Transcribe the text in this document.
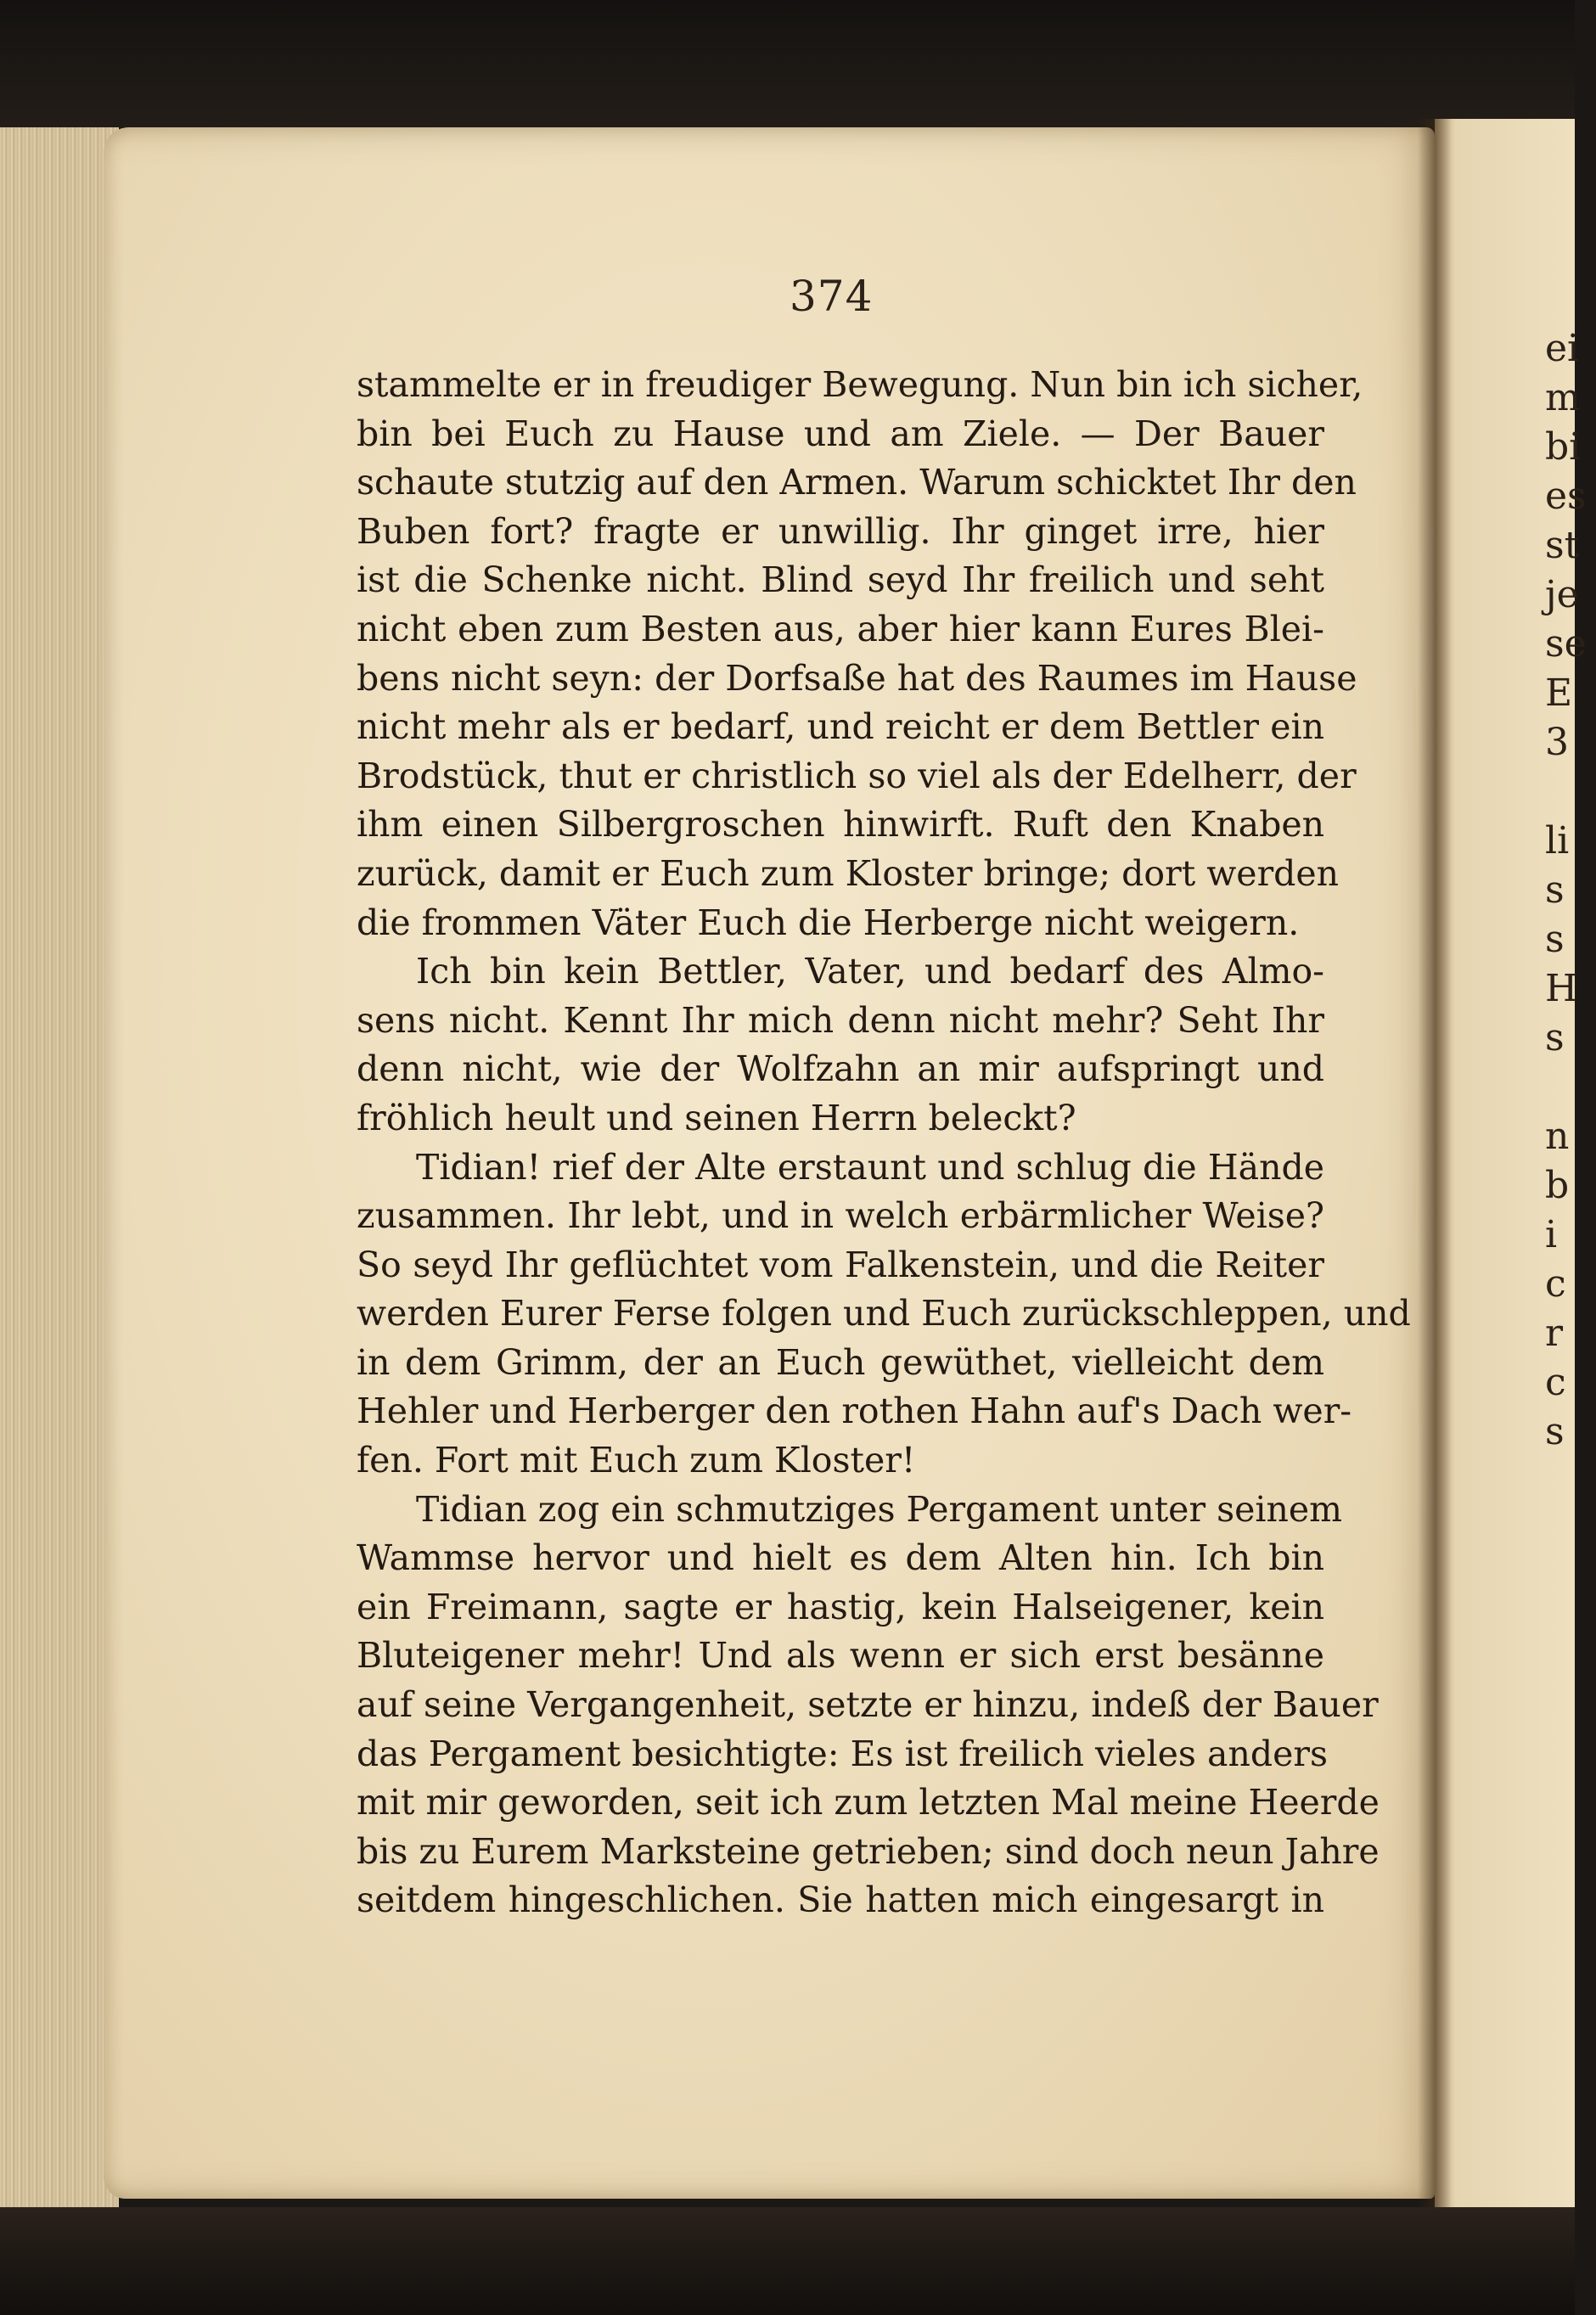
ei
m
bi
es
st
je
se
E
3
li
s
s
H
s
n
b
i
c
r
c
s
374
stammelte er in freudiger Bewegung. Nun bin ich sicher,
bin bei Euch zu Hause und am Ziele. — Der Bauer
schaute stutzig auf den Armen. Warum schicktet Ihr den
Buben fort? fragte er unwillig. Ihr ginget irre, hier
ist die Schenke nicht. Blind seyd Ihr freilich und seht
nicht eben zum Besten aus, aber hier kann Eures Blei-
bens nicht seyn: der Dorfsaße hat des Raumes im Hause
nicht mehr als er bedarf, und reicht er dem Bettler ein
Brodstück, thut er christlich so viel als der Edelherr, der
ihm einen Silbergroschen hinwirft. Ruft den Knaben
zurück, damit er Euch zum Kloster bringe; dort werden
die frommen Väter Euch die Herberge nicht weigern.
Ich bin kein Bettler, Vater, und bedarf des Almo-
sens nicht. Kennt Ihr mich denn nicht mehr? Seht Ihr
denn nicht, wie der Wolfzahn an mir aufspringt und
fröhlich heult und seinen Herrn beleckt?
Tidian! rief der Alte erstaunt und schlug die Hände
zusammen. Ihr lebt, und in welch erbärmlicher Weise?
So seyd Ihr geflüchtet vom Falkenstein, und die Reiter
werden Eurer Ferse folgen und Euch zurückschleppen, und
in dem Grimm, der an Euch gewüthet, vielleicht dem
Hehler und Herberger den rothen Hahn auf's Dach wer-
fen. Fort mit Euch zum Kloster!
Tidian zog ein schmutziges Pergament unter seinem
Wammse hervor und hielt es dem Alten hin. Ich bin
ein Freimann, sagte er hastig, kein Halseigener, kein
Bluteigener mehr! Und als wenn er sich erst besänne
auf seine Vergangenheit, setzte er hinzu, indeß der Bauer
das Pergament besichtigte: Es ist freilich vieles anders
mit mir geworden, seit ich zum letzten Mal meine Heerde
bis zu Eurem Marksteine getrieben; sind doch neun Jahre
seitdem hingeschlichen. Sie hatten mich eingesargt in
